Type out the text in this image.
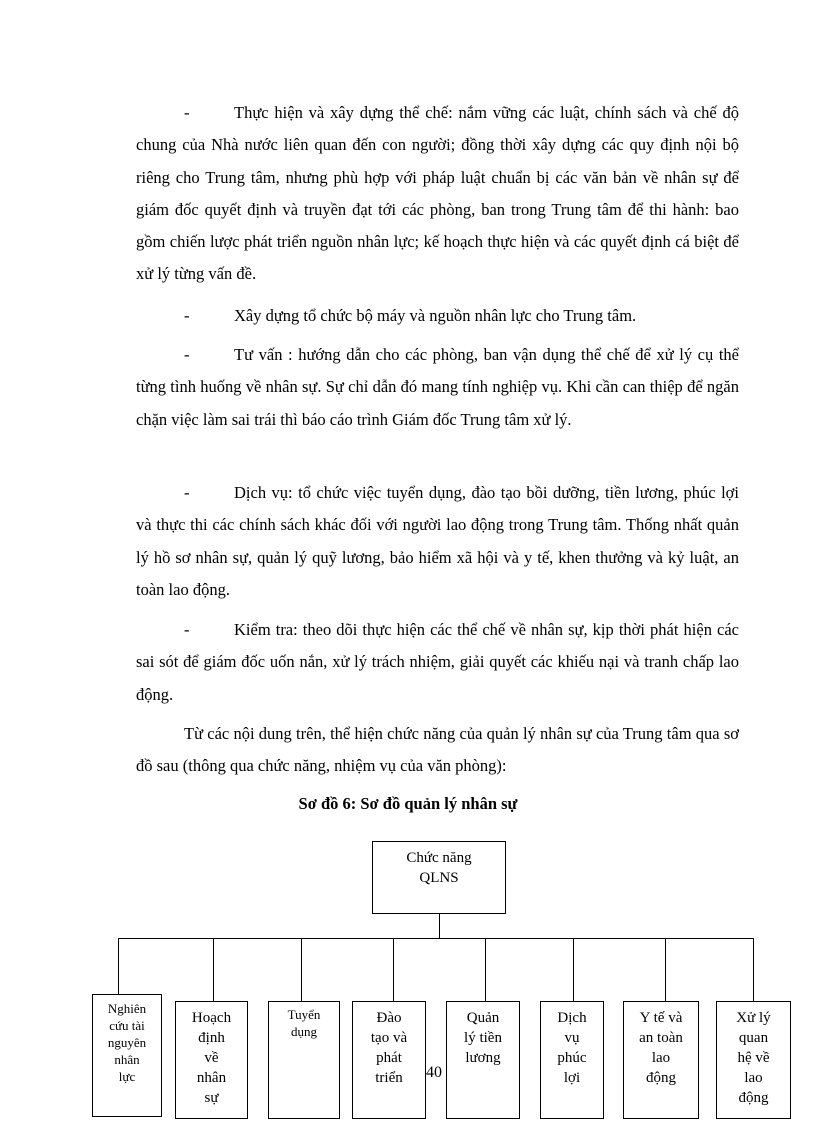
-	Thực hiện và xây dựng thể chế: nắm vững các luật, chính sách và chế độ chung của Nhà nước liên quan đến con người; đồng thời xây dựng các quy định nội bộ riêng cho Trung tâm, nhưng phù hợp với pháp luật chuẩn bị các văn bản về nhân sự để giám đốc quyết định và truyền đạt tới các phòng, ban trong Trung tâm để thi hành: bao gồm chiến lược phát triển nguồn nhân lực; kế hoạch thực hiện và các quyết định cá biệt để xử lý từng vấn đề.

-	Xây dựng tổ chức bộ máy và nguồn nhân lực cho Trung tâm.

-	Tư vấn : hướng dẫn cho các phòng, ban vận dụng thể chế để xử lý cụ thể từng tình huống về nhân sự. Sự chỉ dẫn đó mang tính nghiệp vụ. Khi cần can thiệp để ngăn chặn việc làm sai trái thì báo cáo trình Giám đốc Trung tâm xử lý.

-	Dịch vụ: tổ chức việc tuyển dụng, đào tạo bồi dưỡng, tiền lương, phúc lợi và thực thi các chính sách khác đối với người lao động trong Trung tâm. Thống nhất quản lý hồ sơ nhân sự, quản lý quỹ lương, bảo hiểm xã hội và y tế, khen thưởng và kỷ luật, an toàn lao động.

-	Kiểm tra: theo dõi thực hiện các thể chế về nhân sự, kịp thời phát hiện các sai sót để giám đốc uốn nắn, xử lý trách nhiệm, giải quyết các khiếu nại và tranh chấp lao động.

Từ các nội dung trên, thể hiện chức năng của quản lý nhân sự của Trung tâm qua sơ đồ sau (thông qua chức năng, nhiệm vụ của văn phòng):

Sơ đồ 6: Sơ đồ quản lý nhân sự
Chức năng
QLNS
Nghiên
cứu tài
nguyên
nhân
lực
Hoạch
định
về
nhân
sự
Tuyển
dụng
Đào
tạo và
phát
triển
Quản
lý tiền
lương
Dịch
vụ
phúc
lợi
Y tế và
an toàn
lao
động
Xử lý
quan
hệ về
lao
động
40
